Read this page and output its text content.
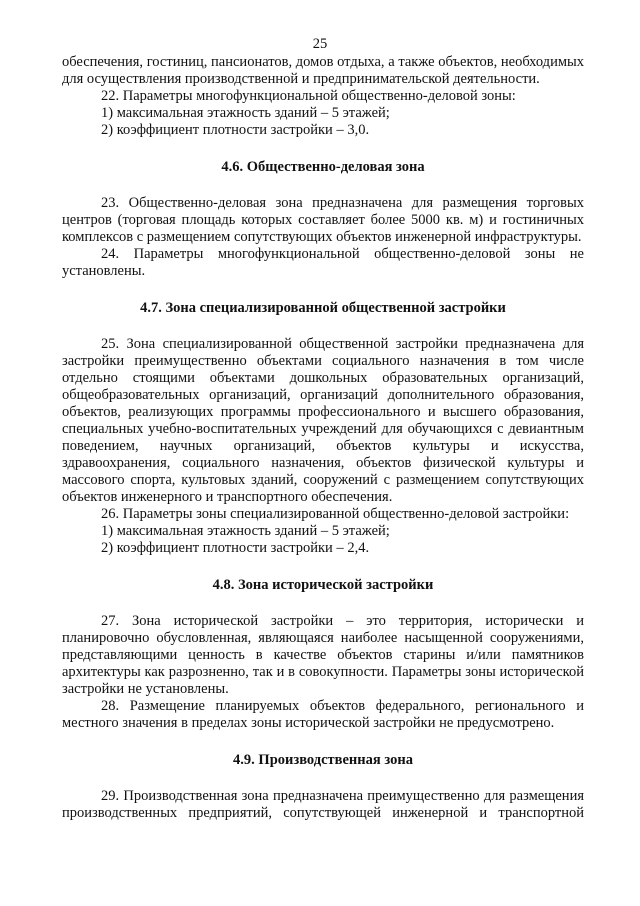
25

обеспечения, гостиниц, пансионатов, домов отдыха, а также объектов, необходимых для осуществления производственной и предпринимательской деятельности.

22. Параметры многофункциональной общественно-деловой зоны:

1) максимальная этажность зданий – 5 этажей;

2) коэффициент плотности застройки – 3,0.

4.6. Общественно-деловая зона

23. Общественно-деловая зона предназначена для размещения торговых центров (торговая площадь которых составляет более 5000 кв. м) и гостиничных комплексов с размещением сопутствующих объектов инженерной инфраструктуры.

24. Параметры многофункциональной общественно-деловой зоны не установлены.

4.7. Зона специализированной общественной застройки

25. Зона специализированной общественной застройки предназначена для застройки преимущественно объектами социального назначения в том числе отдельно стоящими объектами дошкольных образовательных организаций, общеобразовательных организаций, организаций дополнительного образования, объектов, реализующих программы профессионального и высшего образования, специальных учебно-воспитательных учреждений для обучающихся с девиантным поведением, научных организаций, объектов культуры и искусства, здравоохранения, социального назначения, объектов физической культуры и массового спорта, культовых зданий, сооружений с размещением сопутствующих объектов инженерного и транспортного обеспечения.

26. Параметры зоны специализированной общественно-деловой застройки:

1) максимальная этажность зданий – 5 этажей;

2) коэффициент плотности застройки – 2,4.

4.8. Зона исторической застройки

27. Зона исторической застройки – это территория, исторически и планировочно обусловленная, являющаяся наиболее насыщенной сооружениями, представляющими ценность в качестве объектов старины и/или памятников архитектуры как разрозненно, так и в совокупности. Параметры зоны исторической застройки не установлены.

28. Размещение планируемых объектов федерального, регионального и местного значения в пределах зоны исторической застройки не предусмотрено.

4.9. Производственная зона

29. Производственная зона предназначена преимущественно для размещения производственных предприятий, сопутствующей инженерной и транспортной
